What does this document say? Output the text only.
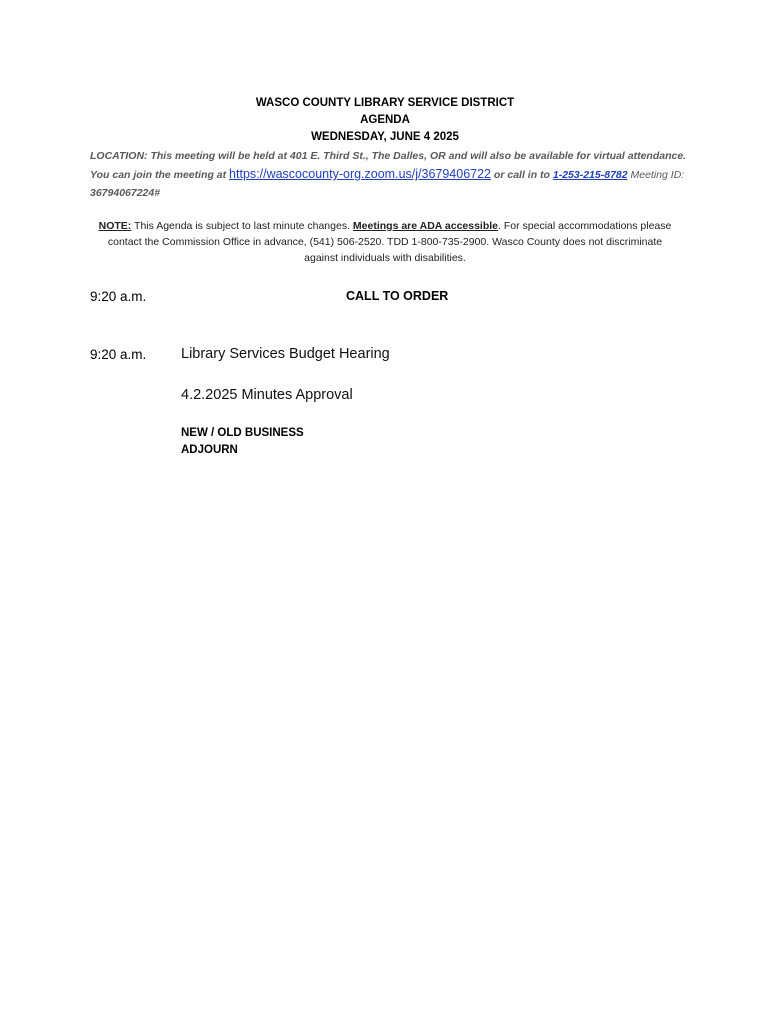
WASCO COUNTY LIBRARY SERVICE DISTRICT
AGENDA
WEDNESDAY, JUNE 4 2025
LOCATION: This meeting will be held at 401 E. Third St., The Dalles, OR and will also be available for virtual attendance. You can join the meeting at https://wascocounty-org.zoom.us/j/3679406722 or call in to 1-253-215-8782 Meeting ID: 36794067224#
NOTE: This Agenda is subject to last minute changes. Meetings are ADA accessible. For special accommodations please contact the Commission Office in advance, (541) 506-2520. TDD 1-800-735-2900. Wasco County does not discriminate against individuals with disabilities.
9:20 a.m.	CALL TO ORDER
9:20 a.m. Library Services Budget Hearing
4.2.2025 Minutes Approval
NEW / OLD BUSINESS
ADJOURN
